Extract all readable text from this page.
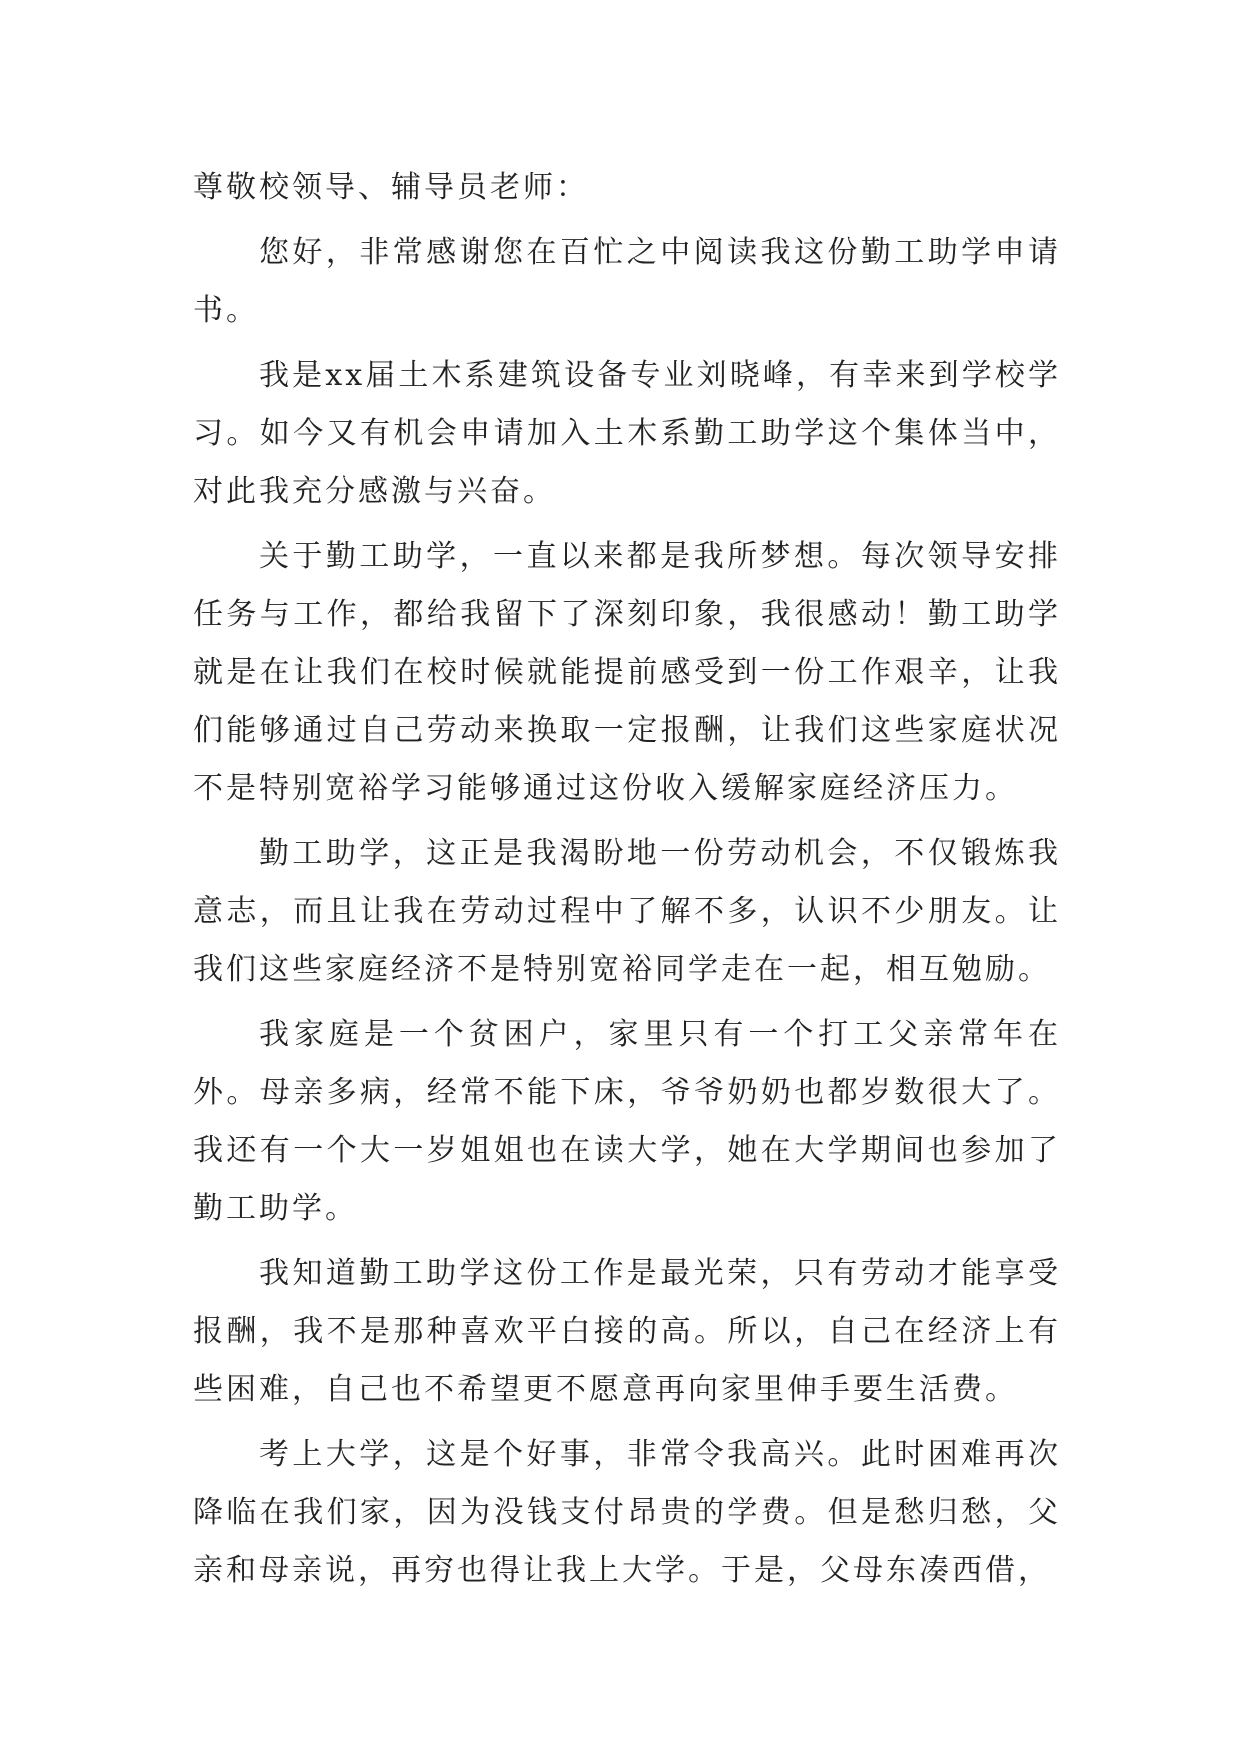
尊敬校领导、辅导员老师：

您好，非常感谢您在百忙之中阅读我这份勤工助学申请书。

我是xx届土木系建筑设备专业刘晓峰，有幸来到学校学习。如今又有机会申请加入土木系勤工助学这个集体当中，对此我充分感激与兴奋。

关于勤工助学，一直以来都是我所梦想。每次领导安排任务与工作，都给我留下了深刻印象，我很感动！勤工助学就是在让我们在校时候就能提前感受到一份工作艰辛，让我们能够通过自己劳动来换取一定报酬，让我们这些家庭状况不是特别宽裕学习能够通过这份收入缓解家庭经济压力。

勤工助学，这正是我渴盼地一份劳动机会，不仅锻炼我意志，而且让我在劳动过程中了解不多，认识不少朋友。让我们这些家庭经济不是特别宽裕同学走在一起，相互勉励。

我家庭是一个贫困户，家里只有一个打工父亲常年在外。母亲多病，经常不能下床，爷爷奶奶也都岁数很大了。我还有一个大一岁姐姐也在读大学，她在大学期间也参加了勤工助学。

我知道勤工助学这份工作是最光荣，只有劳动才能享受报酬，我不是那种喜欢平白接的高。所以，自己在经济上有些困难，自己也不希望更不愿意再向家里伸手要生活费。

考上大学，这是个好事，非常令我高兴。此时困难再次降临在我们家，因为没钱支付昂贵的学费。但是愁归愁，父亲和母亲说，再穷也得让我上大学。于是，父母东凑西借，
